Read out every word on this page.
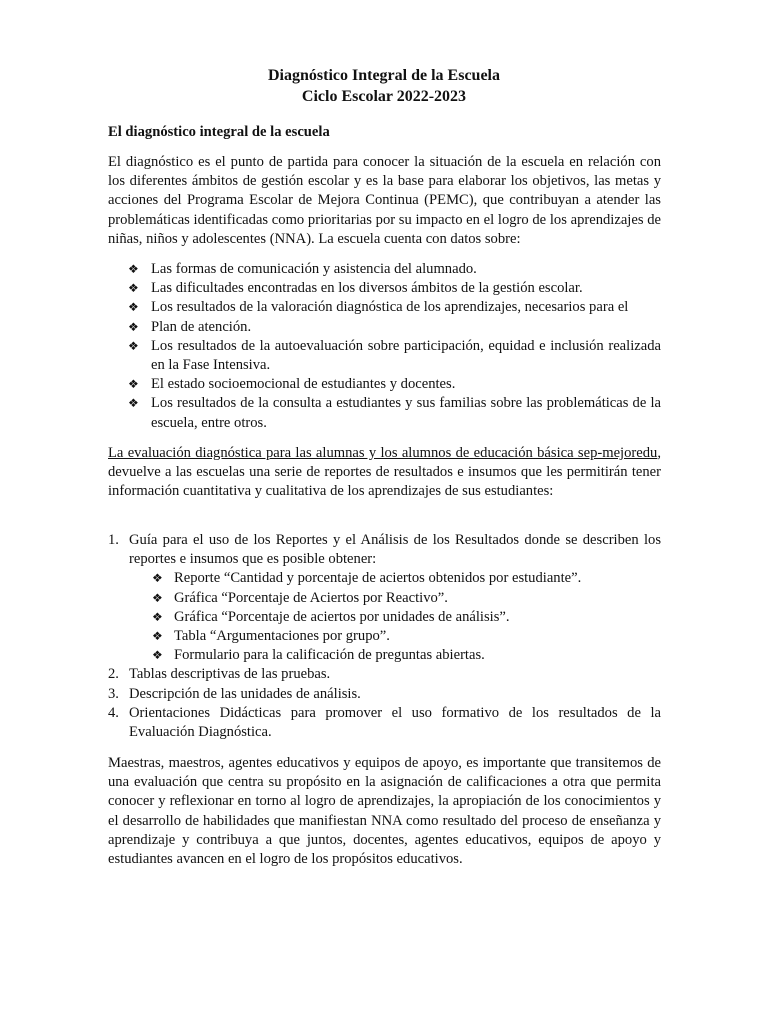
Diagnóstico Integral de la Escuela
Ciclo Escolar 2022-2023
El diagnóstico integral de la escuela

El diagnóstico es el punto de partida para conocer la situación de la escuela en relación con los diferentes ámbitos de gestión escolar y es la base para elaborar los objetivos, las metas y acciones del Programa Escolar de Mejora Continua (PEMC), que contribuyan a atender las problemáticas identificadas como prioritarias por su impacto en el logro de los aprendizajes de niñas, niños y adolescentes (NNA). La escuela cuenta con datos sobre:

❖ Las formas de comunicación y asistencia del alumnado.
❖ Las dificultades encontradas en los diversos ámbitos de la gestión escolar.
❖ Los resultados de la valoración diagnóstica de los aprendizajes, necesarios para el
❖ Plan de atención.
❖ Los resultados de la autoevaluación sobre participación, equidad e inclusión realizada en la Fase Intensiva.
❖ El estado socioemocional de estudiantes y docentes.
❖ Los resultados de la consulta a estudiantes y sus familias sobre las problemáticas de la escuela, entre otros.

La evaluación diagnóstica para las alumnas y los alumnos de educación básica sep-mejoredu, devuelve a las escuelas una serie de reportes de resultados e insumos que les permitirán tener información cuantitativa y cualitativa de los aprendizajes de sus estudiantes:

1. Guía para el uso de los Reportes y el Análisis de los Resultados donde se describen los reportes e insumos que es posible obtener:
❖ Reporte “Cantidad y porcentaje de aciertos obtenidos por estudiante”.
❖ Gráfica “Porcentaje de Aciertos por Reactivo”.
❖ Gráfica “Porcentaje de aciertos por unidades de análisis”.
❖ Tabla “Argumentaciones por grupo”.
❖ Formulario para la calificación de preguntas abiertas.
2. Tablas descriptivas de las pruebas.
3. Descripción de las unidades de análisis.
4. Orientaciones Didácticas para promover el uso formativo de los resultados de la Evaluación Diagnóstica.

Maestras, maestros, agentes educativos y equipos de apoyo, es importante que transitemos de una evaluación que centra su propósito en la asignación de calificaciones a otra que permita conocer y reflexionar en torno al logro de aprendizajes, la apropiación de los conocimientos y el desarrollo de habilidades que manifiestan NNA como resultado del proceso de enseñanza y aprendizaje y contribuya a que juntos, docentes, agentes educativos, equipos de apoyo y estudiantes avancen en el logro de los propósitos educativos.
